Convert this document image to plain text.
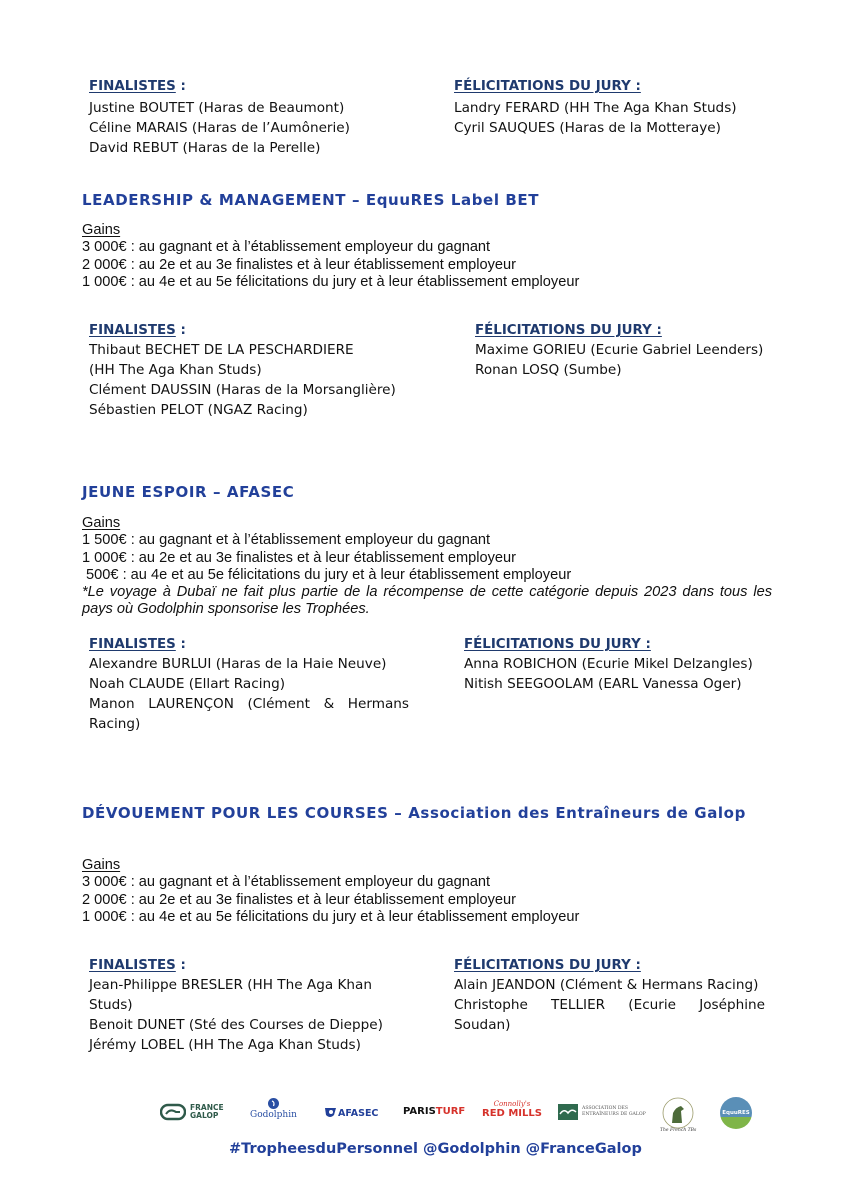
FINALISTES :
Justine BOUTET (Haras de Beaumont)
Céline MARAIS (Haras de l’Aumônerie)
David REBUT (Haras de la Perelle)
FÉLICITATIONS DU JURY :
Landry FERARD (HH The Aga Khan Studs)
Cyril SAUQUES (Haras de la Motteraye)
LEADERSHIP & MANAGEMENT – EquuRES Label BET
Gains
3 000€ : au gagnant et à l’établissement employeur du gagnant
2 000€ : au 2e et au 3e finalistes et à leur établissement employeur
1 000€ : au 4e et au 5e félicitations du jury et à leur établissement employeur
FINALISTES :
Thibaut BECHET DE LA PESCHARDIERE
(HH The Aga Khan Studs)
Clément DAUSSIN (Haras de la Morsanglière)
Sébastien PELOT (NGAZ Racing)
FÉLICITATIONS DU JURY :
Maxime GORIEU (Ecurie Gabriel Leenders)
Ronan LOSQ (Sumbe)
JEUNE ESPOIR – AFASEC
Gains
1 500€ : au gagnant et à l’établissement employeur du gagnant
1 000€ : au 2e et au 3e finalistes et à leur établissement employeur
500€ : au 4e et au 5e félicitations du jury et à leur établissement employeur
*Le voyage à Dubaï ne fait plus partie de la récompense de cette catégorie depuis 2023 dans tous les pays où Godolphin sponsorise les Trophées.
FINALISTES :
Alexandre BURLUI (Haras de la Haie Neuve)
Noah CLAUDE (Ellart Racing)
Manon LAURENÇON (Clément & Hermans Racing)
FÉLICITATIONS DU JURY :
Anna ROBICHON (Ecurie Mikel Delzangles)
Nitish SEEGOOLAM (EARL Vanessa Oger)
DÉVOUEMENT POUR LES COURSES – Association des Entraîneurs de Galop
Gains
3 000€ : au gagnant et à l’établissement employeur du gagnant
2 000€ : au 2e et au 3e finalistes et à leur établissement employeur
1 000€ : au 4e et au 5e félicitations du jury et à leur établissement employeur
FINALISTES :
Jean-Philippe BRESLER (HH The Aga Khan Studs)
Benoit DUNET (Sté des Courses de Dieppe)
Jérémy LOBEL (HH The Aga Khan Studs)
FÉLICITATIONS DU JURY :
Alain JEANDON (Clément & Hermans Racing)
Christophe TELLIER (Ecurie Joséphine Soudan)
FRANCE
GALOP	Godolphin	AFASEC PARIS TURF
Connolly's
RED MILLS	ASSOCIATION DES
ENTRAÎNEURS DE GALOP
The French TBs
EquuRES
#TropheesduPersonnel @Godolphin @FranceGalop
